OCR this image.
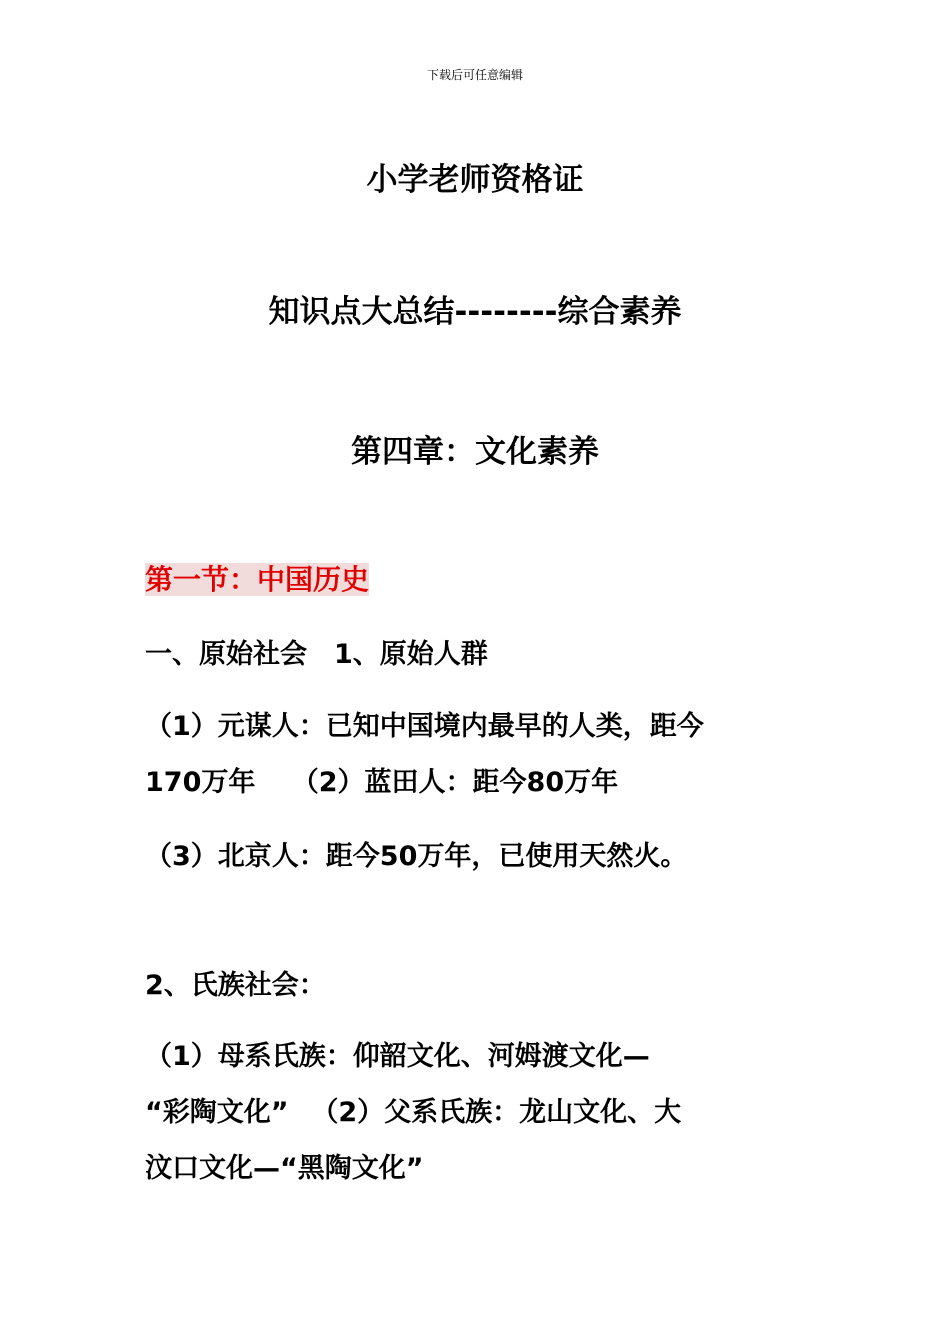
下载后可任意编辑
小学老师资格证
知识点大总结--------综合素养
第四章：文化素养
第一节：中国历史
一、原始社会　1、原始人群
（1）元谋人：已知中国境内最早的人类，距今
170万年　 （2）蓝田人：距今80万年
（3）北京人：距今50万年，已使用天然火。
2、氏族社会：
（1）母系氏族：仰韶文化、河姆渡文化—
“彩陶文化” 　（2）父系氏族：龙山文化、大
汶口文化—“黑陶文化”
